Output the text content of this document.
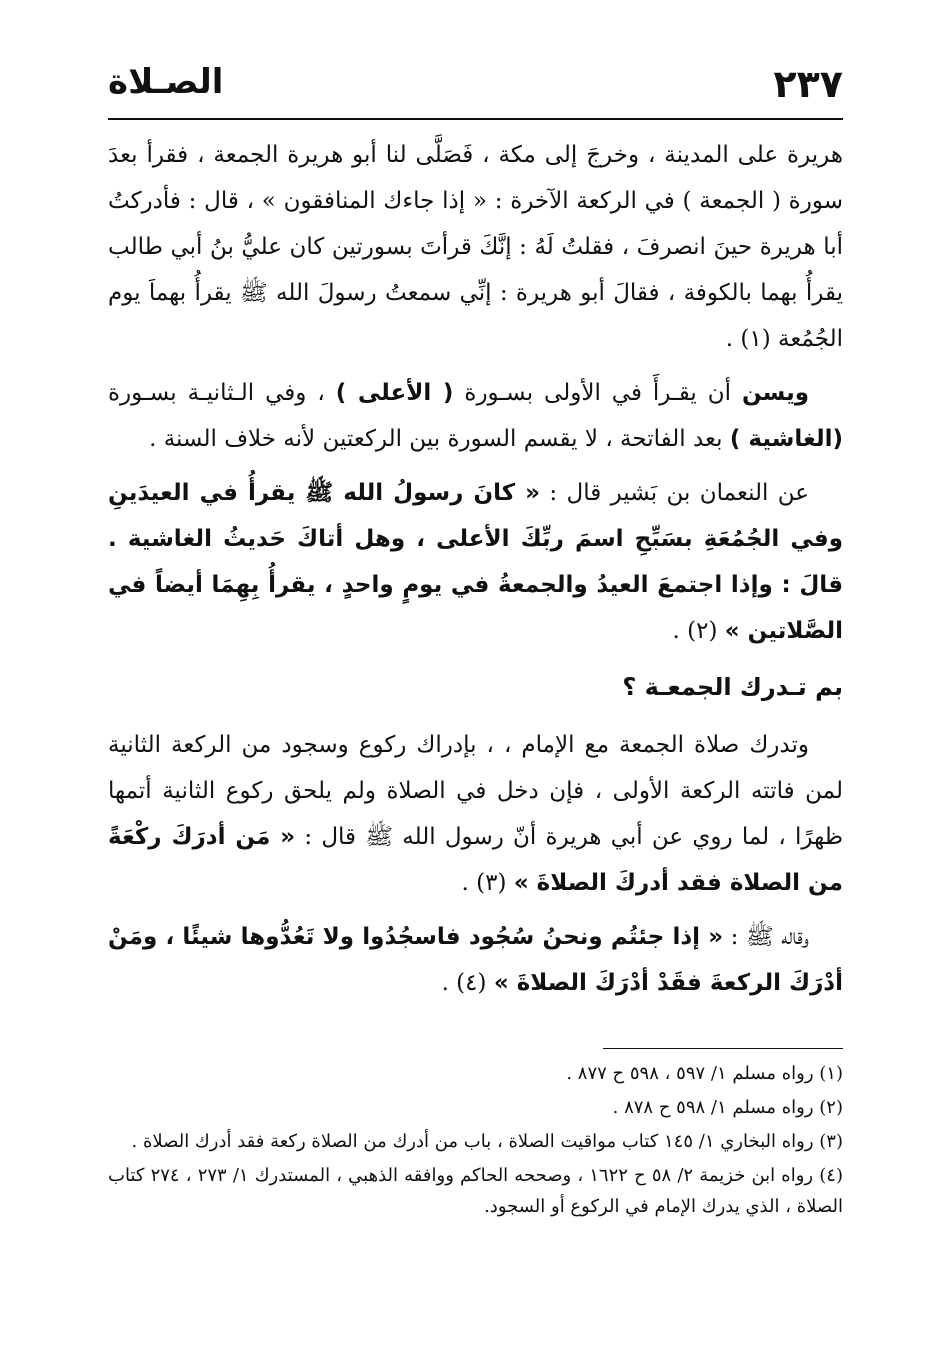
٢٣٧
الصـلاة

هريرة على المدينة ، وخرجَ إلى مكة ، فَصَلَّى لنا أبو هريرة الجمعة ، فقرأ بعدَ سورة ( الجمعة ) في الركعة الآخرة : « إذا جاءك المنافقون » ، قال : فأدركتُ أبا هريرة حينَ انصرفَ ، فقلتُ لَهُ : إنَّكَ قرأتَ بسورتين كان عليُّ بنُ أبي طالب يقرأُ بهما بالكوفة ، فقالَ أبو هريرة : إنِّي سمعتُ رسولَ الله ﷺ يقرأُ بهماَ يوم الجُمُعة (١) .

ويسن أن يقـرأَ في الأولى بسـورة ( الأعلى ) ، وفي الـثانيـة بسـورة (الغاشية ) بعد الفاتحة ، لا يقسم السورة بين الركعتين لأنه خلاف السنة .

عن النعمان بن بَشير قال : « كانَ رسولُ الله ﷺ يقرأُ في العيدَينِ وفي الجُمُعَةِ بسَبِّحِ اسمَ ربِّكَ الأعلى ، وهل أتاكَ حَديثُ الغاشية . قالَ : وإذا اجتمعَ العيدُ والجمعةُ في يومٍ واحدٍ ، يقرأُ بِهِمَا أيضاً في الصَّلاتين » (٢) .

بم تـدرك الجمعـة ؟

وتدرك صلاة الجمعة مع الإمام ، ، بإدراك ركوع وسجود من الركعة الثانية لمن فاتته الركعة الأولى ، فإن دخل في الصلاة ولم يلحق ركوع الثانية أتمها ظهرًا ، لما روي عن أبي هريرة أنّ رسول الله ﷺ قال : « مَن أدرَكَ ركْعَةً من الصلاة فقد أدركَ الصلاةَ » (٣) .

وقاله ﷺ : « إذا جئتُم ونحنُ سُجُود فاسجُدُوا ولا تَعُدُّوها شيئًا ، ومَنْ أدْرَكَ الركعةَ فقَدْ أدْرَكَ الصلاةَ » (٤) .

(١) رواه مسلم ١/ ٥٩٧ ، ٥٩٨ ح ٨٧٧ .
(٢) رواه مسلم ١/ ٥٩٨ ح ٨٧٨ .
(٣) رواه البخاري ١/ ١٤٥ كتاب مواقيت الصلاة ، باب من أدرك من الصلاة ركعة فقد أدرك الصلاة .
(٤) رواه ابن خزيمة ٢/ ٥٨ ح ١٦٢٢ ، وصححه الحاكم ووافقه الذهبي ، المستدرك ١/ ٢٧٣ ، ٢٧٤ كتاب الصلاة ، الذي يدرك الإمام في الركوع أو السجود.
